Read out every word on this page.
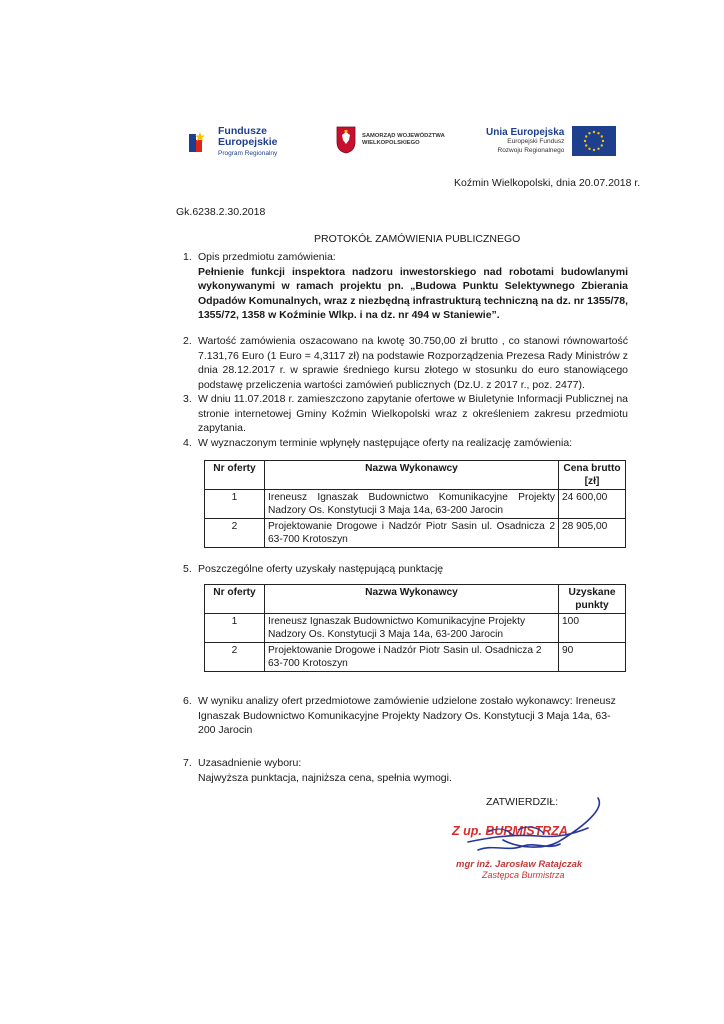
Fundusze
Europejskie
Program Regionalny
SAMORZĄD WOJEWÓDZTWA
WIELKOPOLSKIEGO
Unia Europejska
Europejski Fundusz
Rozwoju Regionalnego
Koźmin Wielkopolski, dnia 20.07.2018 r.
Gk.6238.2.30.2018
PROTOKÓŁ ZAMÓWIENIA PUBLICZNEGO
1. Opis przedmiotu zamówienia:
Pełnienie funkcji inspektora nadzoru inwestorskiego nad robotami budowlanymi wykonywanymi w ramach projektu pn. „Budowa Punktu Selektywnego Zbierania Odpadów Komunalnych, wraz z niezbędną infrastrukturą techniczną na dz. nr 1355/78, 1355/72, 1358 w Koźminie Wlkp. i na dz. nr 494 w Staniewie”.
2. Wartość zamówienia oszacowano na kwotę 30.750,00 zł brutto , co stanowi równowartość 7.131,76 Euro (1 Euro = 4,3117 zł) na podstawie Rozporządzenia Prezesa Rady Ministrów z dnia 28.12.2017 r. w sprawie średniego kursu złotego w stosunku do euro stanowiącego podstawę przeliczenia wartości zamówień publicznych (Dz.U. z 2017 r., poz. 2477).
3. W dniu 11.07.2018 r. zamieszczono zapytanie ofertowe w Biuletynie Informacji Publicznej na stronie internetowej Gminy Koźmin Wielkopolski wraz z określeniem zakresu przedmiotu zapytania.
4. W wyznaczonym terminie wpłynęły następujące oferty na realizację zamówienia:
Nr oferty	Nazwa Wykonawcy	Cena brutto [zł]
1	Ireneusz Ignaszak Budownictwo Komunikacyjne Projekty Nadzory Os. Konstytucji 3 Maja 14a, 63-200 Jarocin	24 600,00
2	Projektowanie Drogowe i Nadzór Piotr Sasin ul. Osadnicza 2 63-700 Krotoszyn	28 905,00
5. Poszczególne oferty uzyskały następującą punktację
Nr oferty	Nazwa Wykonawcy	Uzyskane punkty
1	Ireneusz Ignaszak Budownictwo Komunikacyjne Projekty Nadzory Os. Konstytucji 3 Maja 14a, 63-200 Jarocin	100
2	Projektowanie Drogowe i Nadzór Piotr Sasin ul. Osadnicza 2 63-700 Krotoszyn	90
6. W wyniku analizy ofert przedmiotowe zamówienie udzielone zostało wykonawcy: Ireneusz Ignaszak Budownictwo Komunikacyjne Projekty Nadzory Os. Konstytucji 3 Maja 14a, 63-200 Jarocin
7. Uzasadnienie wyboru:
Najwyższa punktacja, najniższa cena, spełnia wymogi.
ZATWIERDZIŁ:
Z up. BURMISTRZA
mgr inż. Jarosław Ratajczak
Zastępca Burmistrza
